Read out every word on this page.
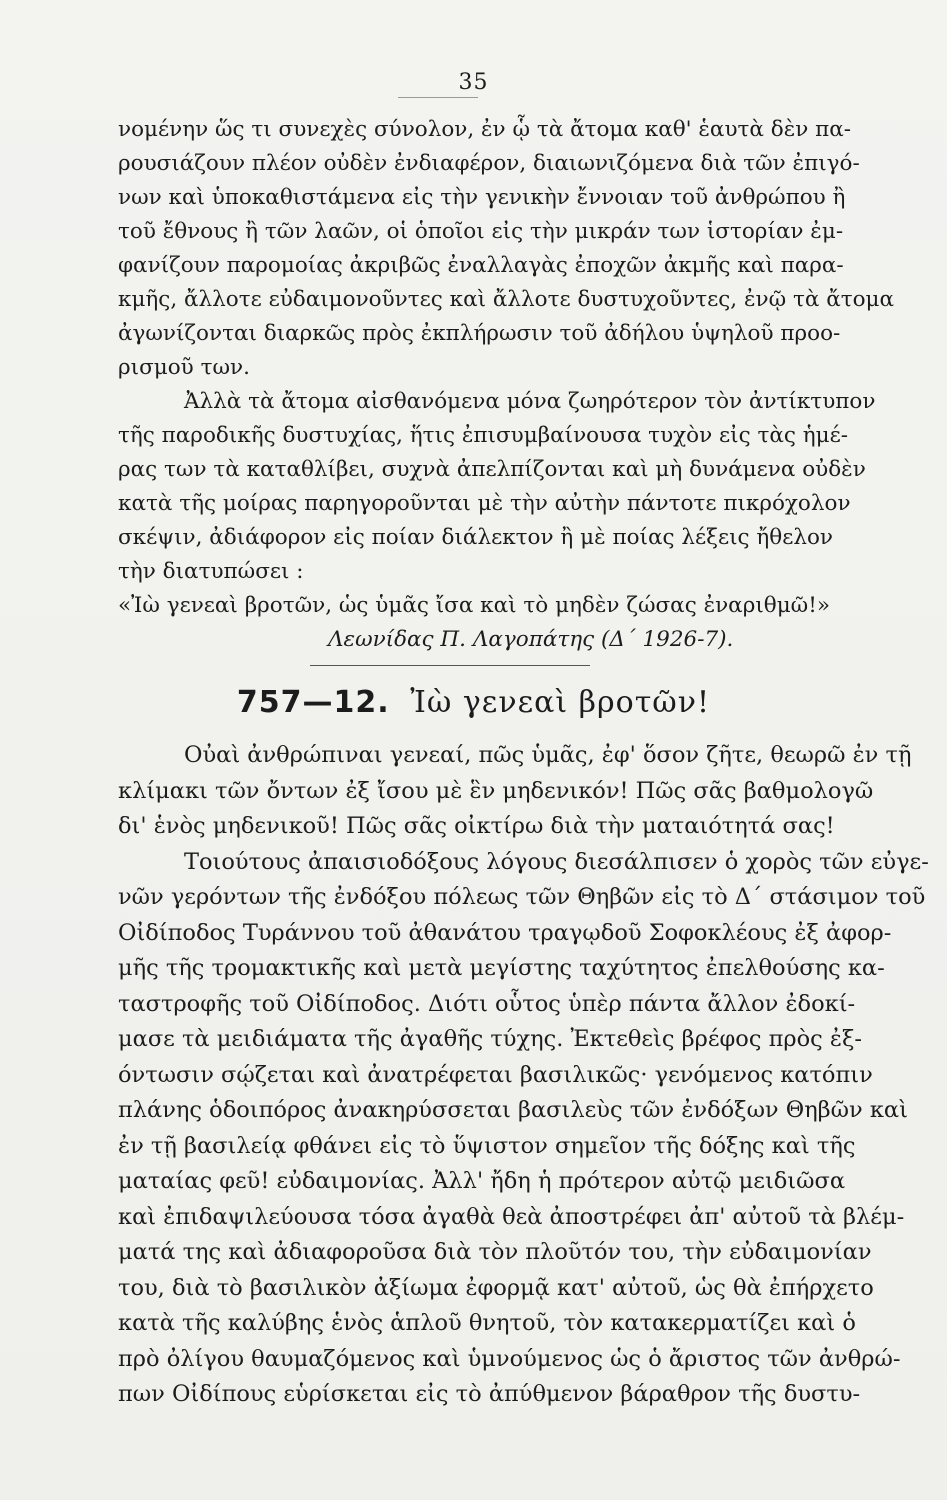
35
νομένην ὥς τι συνεχὲς σύνολον, ἐν ᾧ τὰ ἄτομα καθ' ἑαυτὰ δὲν πα-
ρουσιάζουν πλέον οὐδὲν ἐνδιαφέρον, διαιωνιζόμενα διὰ τῶν ἐπιγό-
νων καὶ ὑποκαθιστάμενα εἰς τὴν γενικὴν ἔννοιαν τοῦ ἀνθρώπου ἢ
τοῦ ἔθνους ἢ τῶν λαῶν, οἱ ὁποῖοι εἰς τὴν μικράν των ἱστορίαν ἐμ-
φανίζουν παρομοίας ἀκριβῶς ἐναλλαγὰς ἐποχῶν ἀκμῆς καὶ παρα-
κμῆς, ἄλλοτε εὐδαιμονοῦντες καὶ ἄλλοτε δυστυχοῦντες, ἐνῷ τὰ ἄτομα
ἀγωνίζονται διαρκῶς πρὸς ἐκπλήρωσιν τοῦ ἀδήλου ὑψηλοῦ προο-
ρισμοῦ των.
Ἀλλὰ τὰ ἄτομα αἰσθανόμενα μόνα ζωηρότερον τὸν ἀντίκτυπον
τῆς παροδικῆς δυστυχίας, ἥτις ἐπισυμβαίνουσα τυχὸν εἰς τὰς ἡμέ-
ρας των τὰ καταθλίβει, συχνὰ ἀπελπίζονται καὶ μὴ δυνάμενα οὐδὲν
κατὰ τῆς μοίρας παρηγοροῦνται μὲ τὴν αὐτὴν πάντοτε πικρόχολον
σκέψιν, ἀδιάφορον εἰς ποίαν διάλεκτον ἢ μὲ ποίας λέξεις ἤθελον
τὴν διατυπώσει :
«Ἰὼ γενεαὶ βροτῶν, ὡς ὑμᾶς ἴσα καὶ τὸ μηδὲν ζώσας ἐναριθμῶ!»
Λεωνίδας Π. Λαγοπάτης (Δ΄ 1926-7).
757—12. Ἰὼ γενεαὶ βροτῶν!
Οὐαὶ ἀνθρώπιναι γενεαί, πῶς ὑμᾶς, ἐφ' ὅσον ζῆτε, θεωρῶ ἐν τῇ
κλίμακι τῶν ὄντων ἐξ ἴσου μὲ ἓν μηδενικόν! Πῶς σᾶς βαθμολογῶ
δι' ἑνὸς μηδενικοῦ! Πῶς σᾶς οἰκτίρω διὰ τὴν ματαιότητά σας!
Τοιούτους ἀπαισιοδόξους λόγους διεσάλπισεν ὁ χορὸς τῶν εὐγε-
νῶν γερόντων τῆς ἐνδόξου πόλεως τῶν Θηβῶν εἰς τὸ Δ΄ στάσιμον τοῦ
Οἰδίποδος Τυράννου τοῦ ἀθανάτου τραγῳδοῦ Σοφοκλέους ἐξ ἀφορ-
μῆς τῆς τρομακτικῆς καὶ μετὰ μεγίστης ταχύτητος ἐπελθούσης κα-
ταστροφῆς τοῦ Οἰδίποδος. Διότι οὗτος ὑπὲρ πάντα ἄλλον ἐδοκί-
μασε τὰ μειδιάματα τῆς ἀγαθῆς τύχης. Ἐκτεθεὶς βρέφος πρὸς ἐξ-
όντωσιν σῴζεται καὶ ἀνατρέφεται βασιλικῶς· γενόμενος κατόπιν
πλάνης ὁδοιπόρος ἀνακηρύσσεται βασιλεὺς τῶν ἐνδόξων Θηβῶν καὶ
ἐν τῇ βασιλείᾳ φθάνει εἰς τὸ ὕψιστον σημεῖον τῆς δόξης καὶ τῆς
ματαίας φεῦ! εὐδαιμονίας. Ἀλλ' ἤδη ἡ πρότερον αὐτῷ μειδιῶσα
καὶ ἐπιδαψιλεύουσα τόσα ἀγαθὰ θεὰ ἀποστρέφει ἀπ' αὐτοῦ τὰ βλέμ-
ματά της καὶ ἀδιαφοροῦσα διὰ τὸν πλοῦτόν του, τὴν εὐδαιμονίαν
του, διὰ τὸ βασιλικὸν ἀξίωμα ἐφορμᾷ κατ' αὐτοῦ, ὡς θὰ ἐπήρχετο
κατὰ τῆς καλύβης ἑνὸς ἁπλοῦ θνητοῦ, τὸν κατακερματίζει καὶ ὁ
πρὸ ὀλίγου θαυμαζόμενος καὶ ὑμνούμενος ὡς ὁ ἄριστος τῶν ἀνθρώ-
πων Οἰδίπους εὑρίσκεται εἰς τὸ ἀπύθμενον βάραθρον τῆς δυστυ-
